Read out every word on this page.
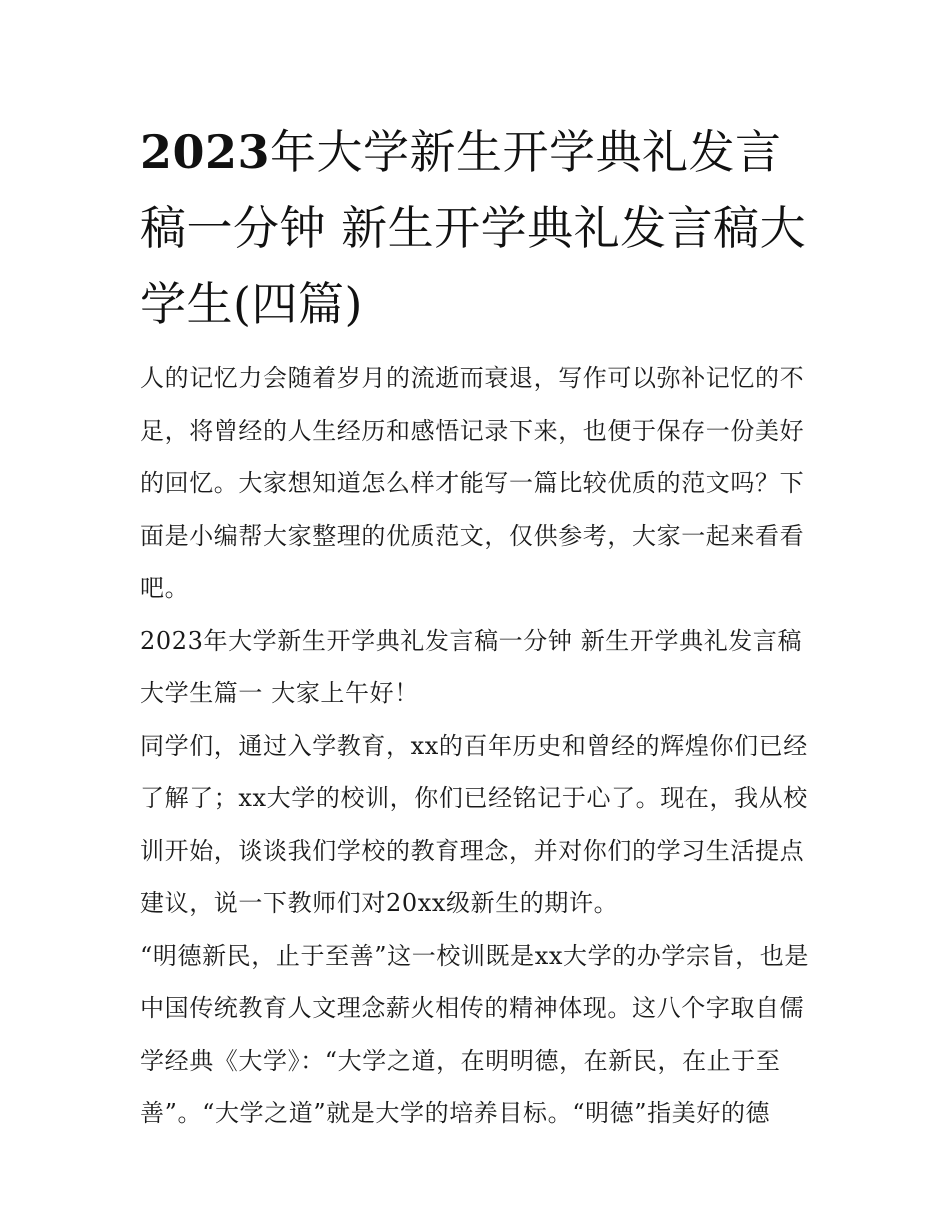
2023年大学新生开学典礼发言稿一分钟 新生开学典礼发言稿大学生(四篇)

人的记忆力会随着岁月的流逝而衰退，写作可以弥补记忆的不足，将曾经的人生经历和感悟记录下来，也便于保存一份美好的回忆。大家想知道怎么样才能写一篇比较优质的范文吗？下面是小编帮大家整理的优质范文，仅供参考，大家一起来看看吧。

2023年大学新生开学典礼发言稿一分钟 新生开学典礼发言稿大学生篇一 大家上午好！

同学们，通过入学教育，xx的百年历史和曾经的辉煌你们已经了解了；xx大学的校训，你们已经铭记于心了。现在，我从校训开始，谈谈我们学校的教育理念，并对你们的学习生活提点建议，说一下教师们对20xx级新生的期许。

“明德新民，止于至善”这一校训既是xx大学的办学宗旨，也是中国传统教育人文理念薪火相传的精神体现。这八个字取自儒学经典《大学》：“大学之道，在明明德，在新民，在止于至善”。“大学之道”就是大学的培养目标。“明德”指美好的德
